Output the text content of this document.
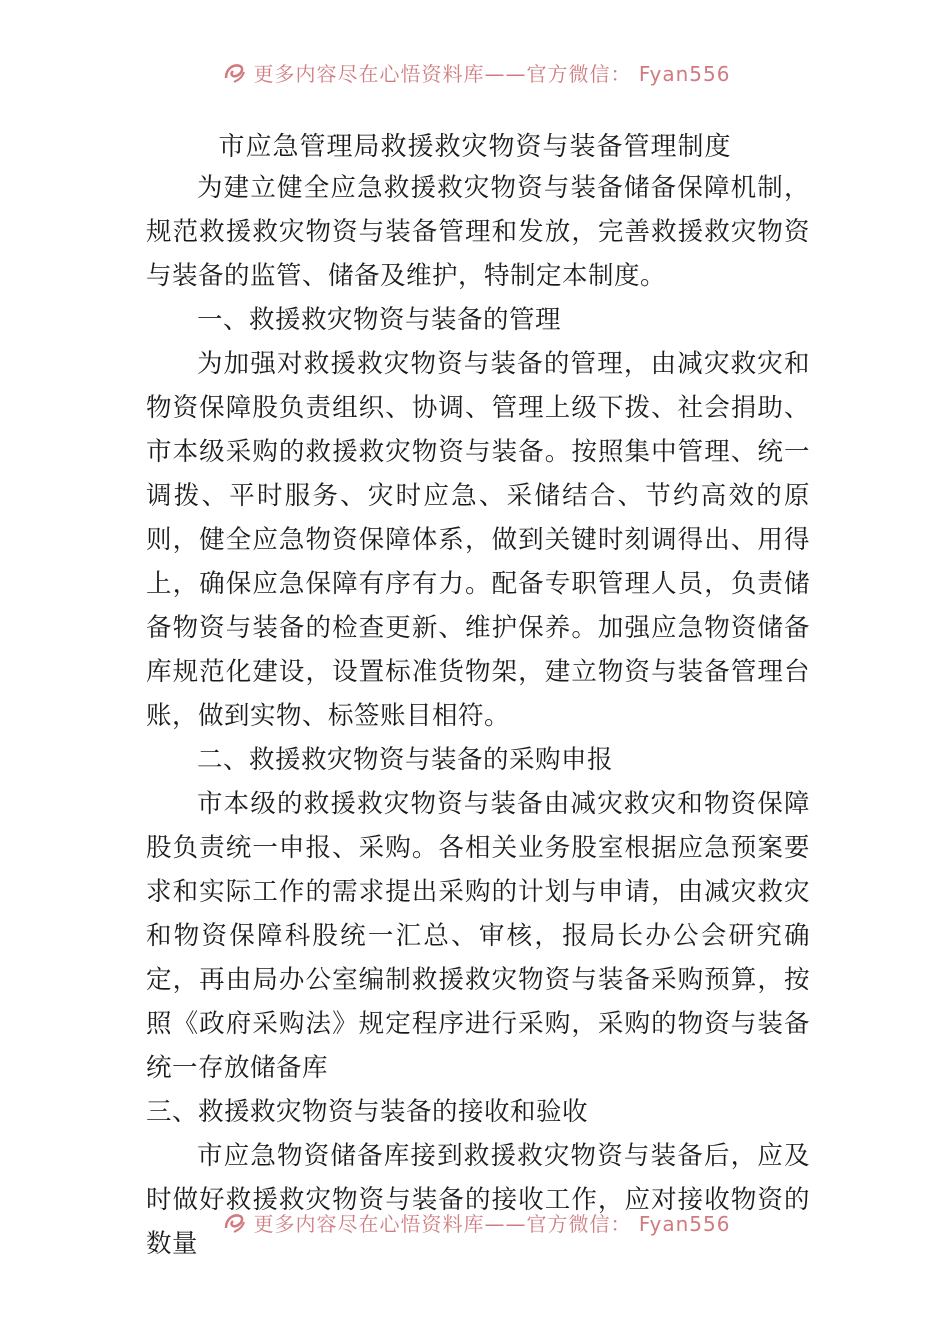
更多内容尽在心悟资料库——官方微信： Fyan556
市应急管理局救援救灾物资与装备管理制度

为建立健全应急救援救灾物资与装备储备保障机制，规范救援救灾物资与装备管理和发放，完善救援救灾物资与装备的监管、储备及维护，特制定本制度。

一、救援救灾物资与装备的管理

为加强对救援救灾物资与装备的管理，由减灾救灾和物资保障股负责组织、协调、管理上级下拨、社会捐助、市本级采购的救援救灾物资与装备。按照集中管理、统一调拨、平时服务、灾时应急、采储结合、节约高效的原则，健全应急物资保障体系，做到关键时刻调得出、用得上，确保应急保障有序有力。配备专职管理人员，负责储备物资与装备的检查更新、维护保养。加强应急物资储备库规范化建设，设置标准货物架，建立物资与装备管理台账，做到实物、标签账目相符。

二、救援救灾物资与装备的采购申报

市本级的救援救灾物资与装备由减灾救灾和物资保障股负责统一申报、采购。各相关业务股室根据应急预案要求和实际工作的需求提出采购的计划与申请，由减灾救灾和物资保障科股统一汇总、审核，报局长办公会研究确定，再由局办公室编制救援救灾物资与装备采购预算，按照《政府采购法》规定程序进行采购，采购的物资与装备统一存放储备库

三、救援救灾物资与装备的接收和验收

市应急物资储备库接到救援救灾物资与装备后，应及时做好救援救灾物资与装备的接收工作，应对接收物资的数量

更多内容尽在心悟资料库——官方微信： Fyan556
